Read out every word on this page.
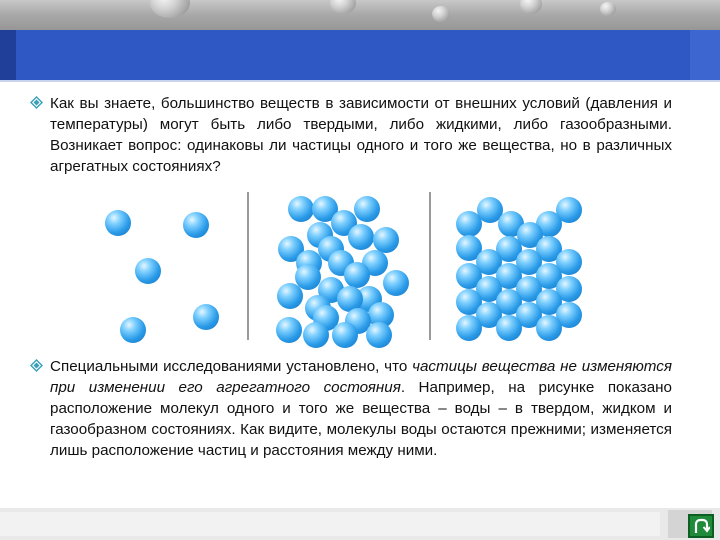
Как вы знаете, большинство веществ в зависимости от внешних условий (давления и температуры) могут быть либо твердыми, либо жидкими, либо газообразными. Возникает вопрос: одинаковы ли частицы одного и того же вещества, но в различных агрегатных состояниях?
Специальными исследованиями установлено, что частицы вещества не изменяются при изменении его агрегатного состояния. Например, на рисунке показано расположение молекул одного и того же вещества – воды – в твердом, жидком и газообразном состояниях. Как видите, молекулы воды остаются прежними; изменяется лишь расположение частиц и расстояния между ними.
